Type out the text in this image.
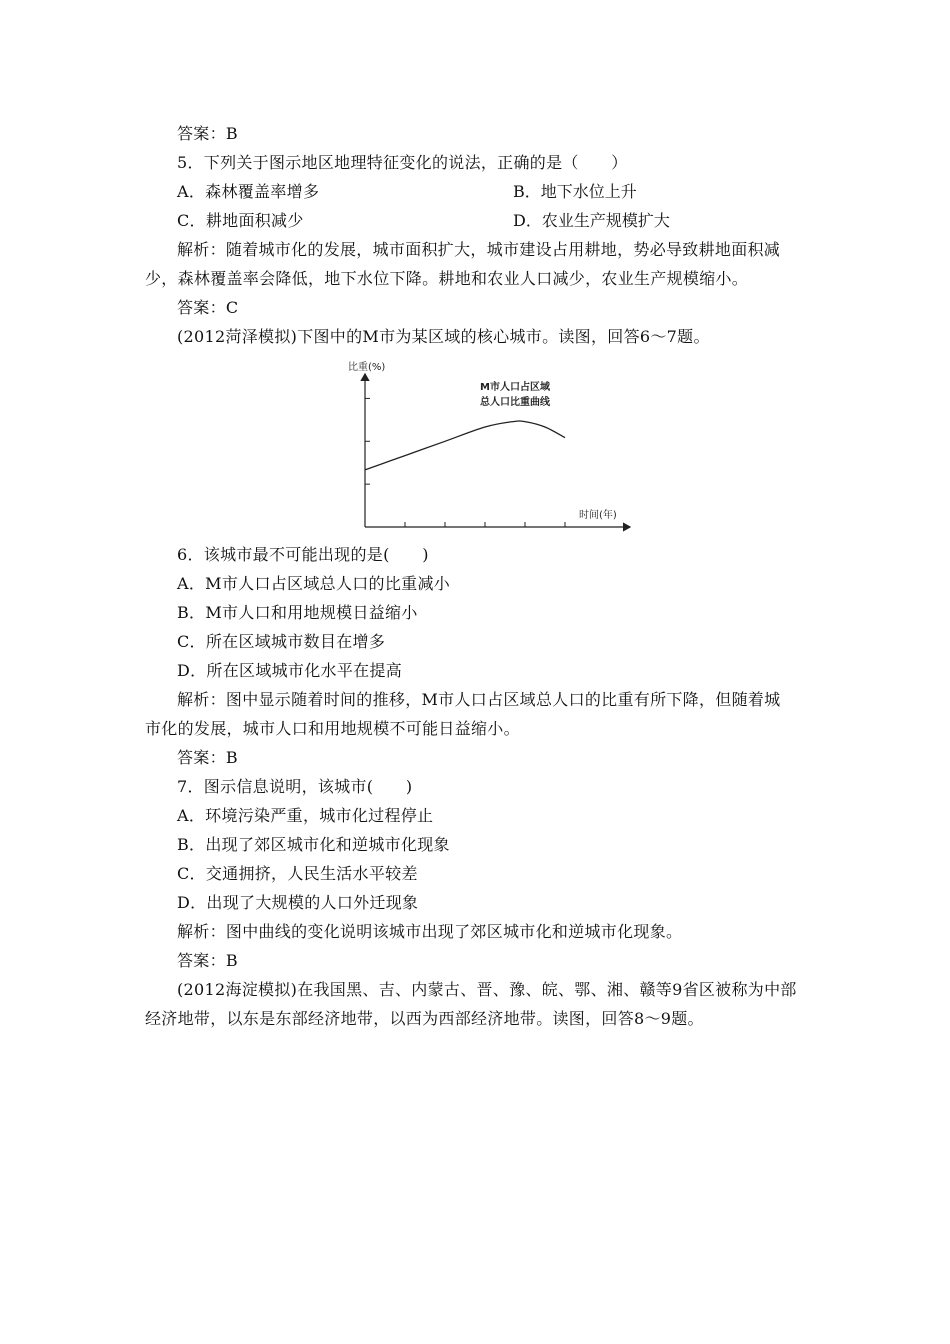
答案：B
5．下列关于图示地区地理特征变化的说法，正确的是（　　）
A．森林覆盖率增多	B．地下水位上升
C．耕地面积减少	D．农业生产规模扩大
解析：随着城市化的发展，城市面积扩大，城市建设占用耕地，势必导致耕地面积减
少，森林覆盖率会降低，地下水位下降。耕地和农业人口减少，农业生产规模缩小。
答案：C
(2012菏泽模拟)下图中的M市为某区域的核心城市。读图，回答6～7题。
比重(%)
时间(年)
M市人口占区域
总人口比重曲线
6．该城市最不可能出现的是(　　)
A．M市人口占区域总人口的比重减小
B．M市人口和用地规模日益缩小
C．所在区域城市数目在增多
D．所在区域城市化水平在提高
解析：图中显示随着时间的推移，M市人口占区域总人口的比重有所下降，但随着城
市化的发展，城市人口和用地规模不可能日益缩小。
答案：B
7．图示信息说明，该城市(　　)
A．环境污染严重，城市化过程停止
B．出现了郊区城市化和逆城市化现象
C．交通拥挤，人民生活水平较差
D．出现了大规模的人口外迁现象
解析：图中曲线的变化说明该城市出现了郊区城市化和逆城市化现象。
答案：B
(2012海淀模拟)在我国黑、吉、内蒙古、晋、豫、皖、鄂、湘、赣等9省区被称为中部
经济地带，以东是东部经济地带，以西为西部经济地带。读图，回答8～9题。
